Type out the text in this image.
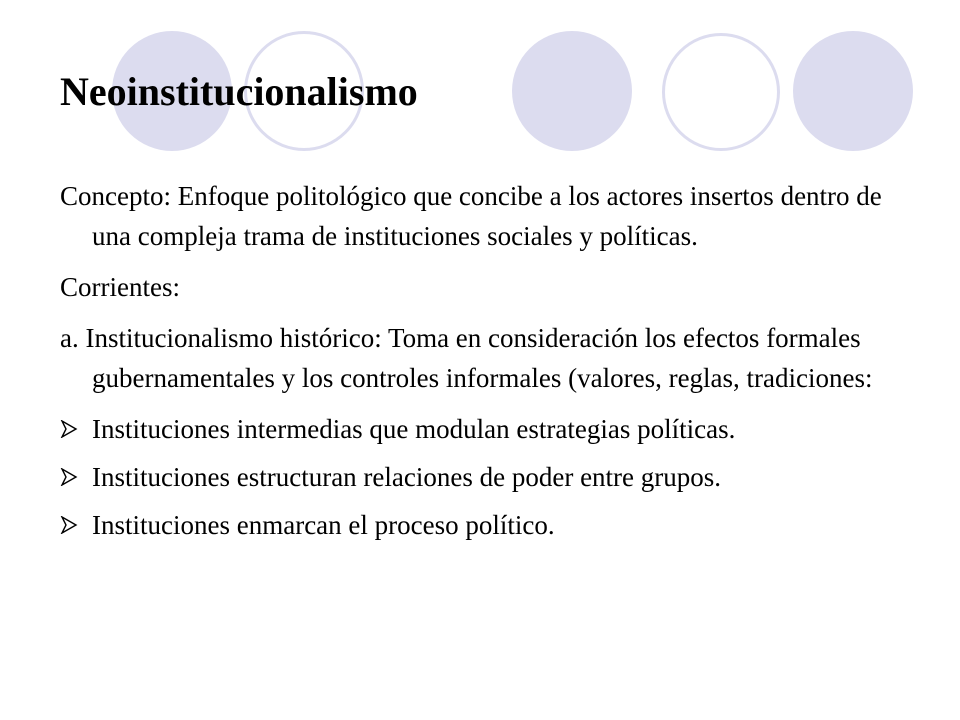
Neoinstitucionalismo

Concepto: Enfoque politológico que concibe a los actores insertos dentro de una compleja trama de instituciones sociales y políticas.

Corrientes:

a. Institucionalismo histórico: Toma en consideración los efectos formales gubernamentales y los controles informales (valores, reglas, tradiciones:

Instituciones intermedias que modulan estrategias políticas.
Instituciones estructuran relaciones de poder entre grupos.
Instituciones enmarcan el proceso político.
